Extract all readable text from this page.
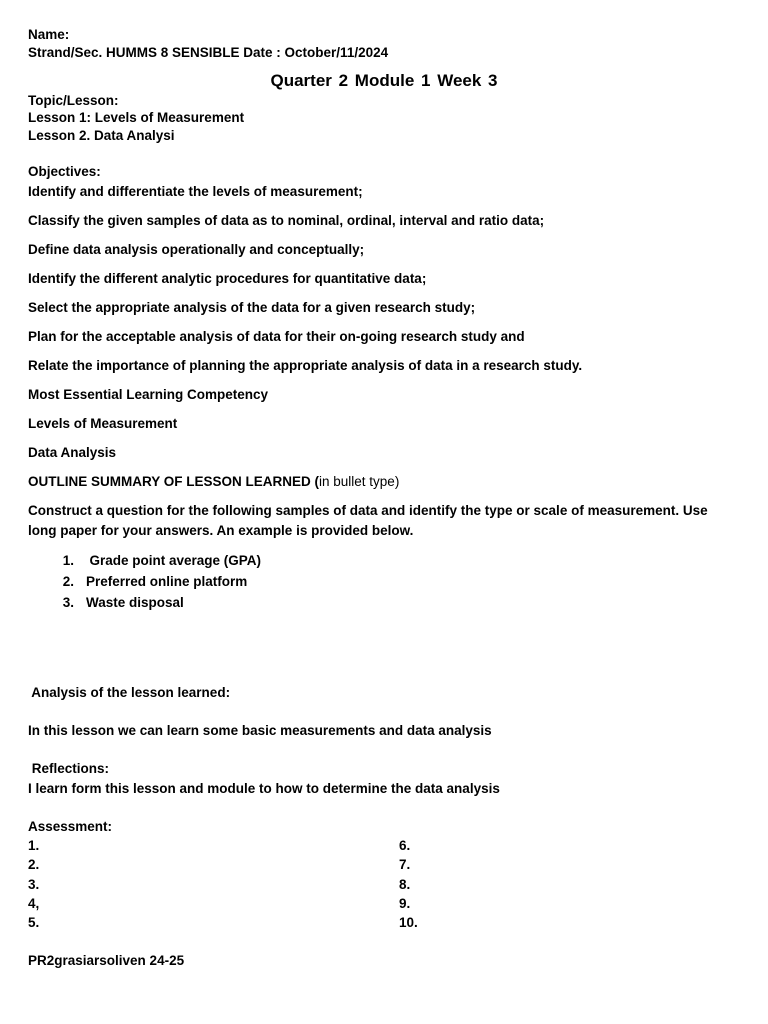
Name:
Strand/Sec. HUMMS 8 SENSIBLE Date : October/11/2024
Quarter 2 Module 1 Week 3
Topic/Lesson:
Lesson 1: Levels of Measurement
Lesson 2. Data Analysi
Objectives:
Identify and differentiate the levels of measurement;
Classify the given samples of data as to nominal, ordinal, interval and ratio data;
Define data analysis operationally and conceptually;
Identify the different analytic procedures for quantitative data;
Select the appropriate analysis of the data for a given research study;
Plan for the acceptable analysis of data for their on-going research study and
Relate the importance of planning the appropriate analysis of data in a research study.
Most Essential Learning Competency
Levels of Measurement
Data Analysis
OUTLINE SUMMARY OF LESSON LEARNED (in bullet type)
Construct a question for the following samples of data and identify the type or scale of measurement. Use long paper for your answers. An example is provided below.
1. Grade point average (GPA)
2. Preferred online platform
3. Waste disposal
Analysis of the lesson learned:
In this lesson we can learn some basic measurements and data analysis
Reflections:
I learn form this lesson and module to how to determine the data analysis
Assessment:
1.	6.
2.	7.
3.	8.
4,	9.
5.	10.
PR2grasiarsoliven 24-25
